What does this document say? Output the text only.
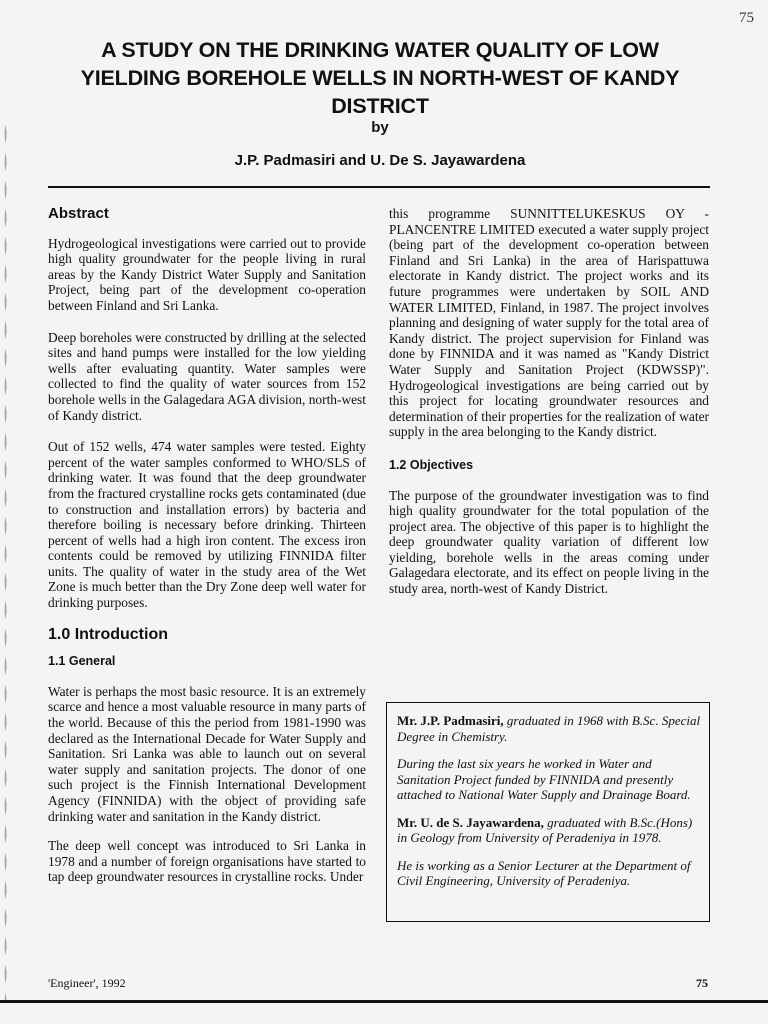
75
A STUDY ON THE DRINKING WATER QUALITY OF LOW YIELDING BOREHOLE WELLS IN NORTH-WEST OF KANDY DISTRICT
by
J.P. Padmasiri and U. De S. Jayawardena
Abstract

Hydrogeological investigations were carried out to provide high quality groundwater for the people living in rural areas by the Kandy District Water Supply and Sanitation Project, being part of the development co-operation between Finland and Sri Lanka.

Deep boreholes were constructed by drilling at the selected sites and hand pumps were installed for the low yielding wells after evaluating quantity. Water samples were collected to find the quality of water sources from 152 borehole wells in the Galagedara AGA division, north-west of Kandy district.

Out of 152 wells, 474 water samples were tested. Eighty percent of the water samples conformed to WHO/SLS of drinking water. It was found that the deep groundwater from the fractured crystalline rocks gets contaminated (due to construction and installation errors) by bacteria and therefore boiling is necessary before drinking. Thirteen percent of wells had a high iron content. The excess iron contents could be removed by utilizing FINNIDA filter units. The quality of water in the study area of the Wet Zone is much better than the Dry Zone deep well water for drinking purposes.

1.0 Introduction
1.1 General

Water is perhaps the most basic resource. It is an extremely scarce and hence a most valuable resource in many parts of the world. Because of this the period from 1981-1990 was declared as the International Decade for Water Supply and Sanitation. Sri Lanka was able to launch out on several water supply and sanitation projects. The donor of one such project is the Finnish International Development Agency (FINNIDA) with the object of providing safe drinking water and sanitation in the Kandy district.

The deep well concept was introduced to Sri Lanka in 1978 and a number of foreign organisations have started to tap deep groundwater resources in crystalline rocks. Under

this programme SUNNITTELUKESKUS OY - PLANCENTRE LIMITED executed a water supply project (being part of the development co-operation between Finland and Sri Lanka) in the area of Harispattuwa electorate in Kandy district. The project works and its future programmes were undertaken by SOIL AND WATER LIMITED, Finland, in 1987. The project involves planning and designing of water supply for the total area of Kandy district. The project supervision for Finland was done by FINNIDA and it was named as "Kandy District Water Supply and Sanitation Project (KDWSSP)". Hydrogeological investigations are being carried out by this project for locating groundwater resources and determination of their properties for the realization of water supply in the area belonging to the Kandy district.

1.2 Objectives

The purpose of the groundwater investigation was to find high quality groundwater for the total population of the project area. The objective of this paper is to highlight the deep groundwater quality variation of different low yielding, borehole wells in the areas coming under Galagedara electorate, and its effect on people living in the study area, north-west of Kandy District.

Mr. J.P. Padmasiri, graduated in 1968 with B.Sc. Special Degree in Chemistry.

During the last six years he worked in Water and Sanitation Project funded by FINNIDA and presently attached to National Water Supply and Drainage Board.

Mr. U. de S. Jayawardena, graduated with B.Sc.(Hons) in Geology from University of Peradeniya in 1978.

He is working as a Senior Lecturer at the Department of Civil Engineering, University of Peradeniya.

'Engineer', 1992	75
